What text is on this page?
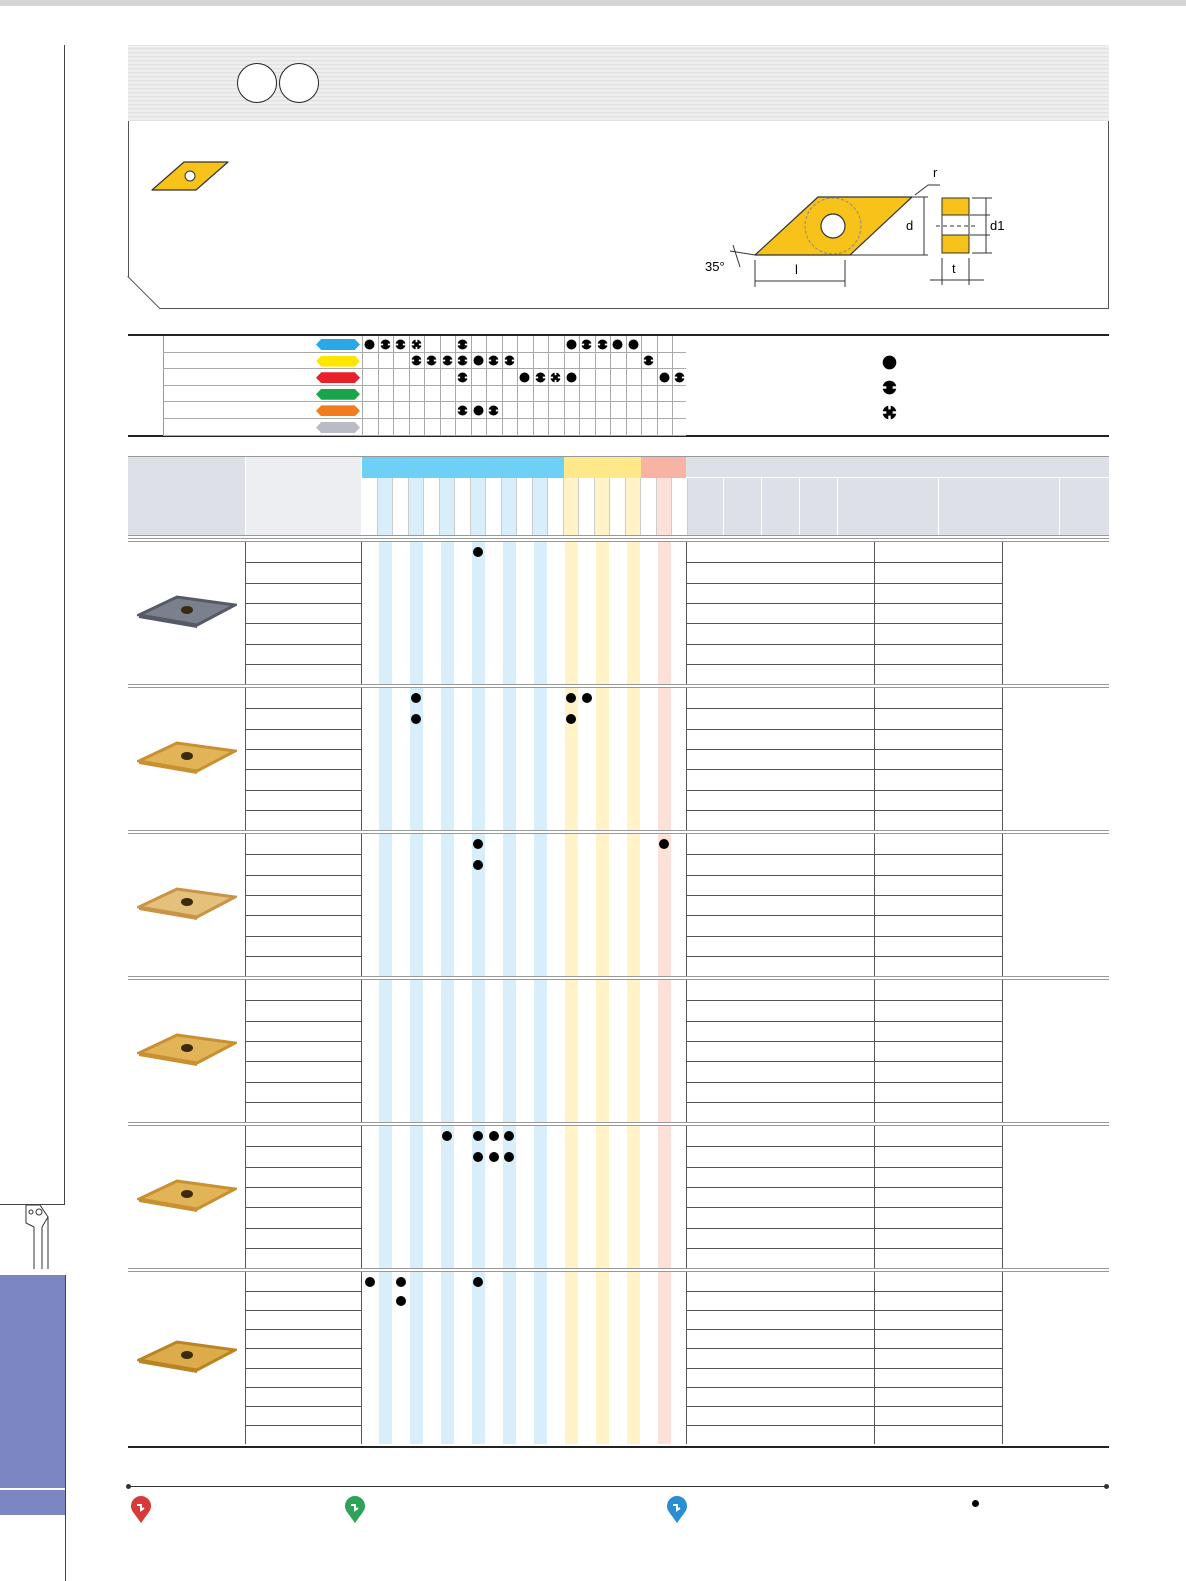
r
d
l
35°
d1
t
